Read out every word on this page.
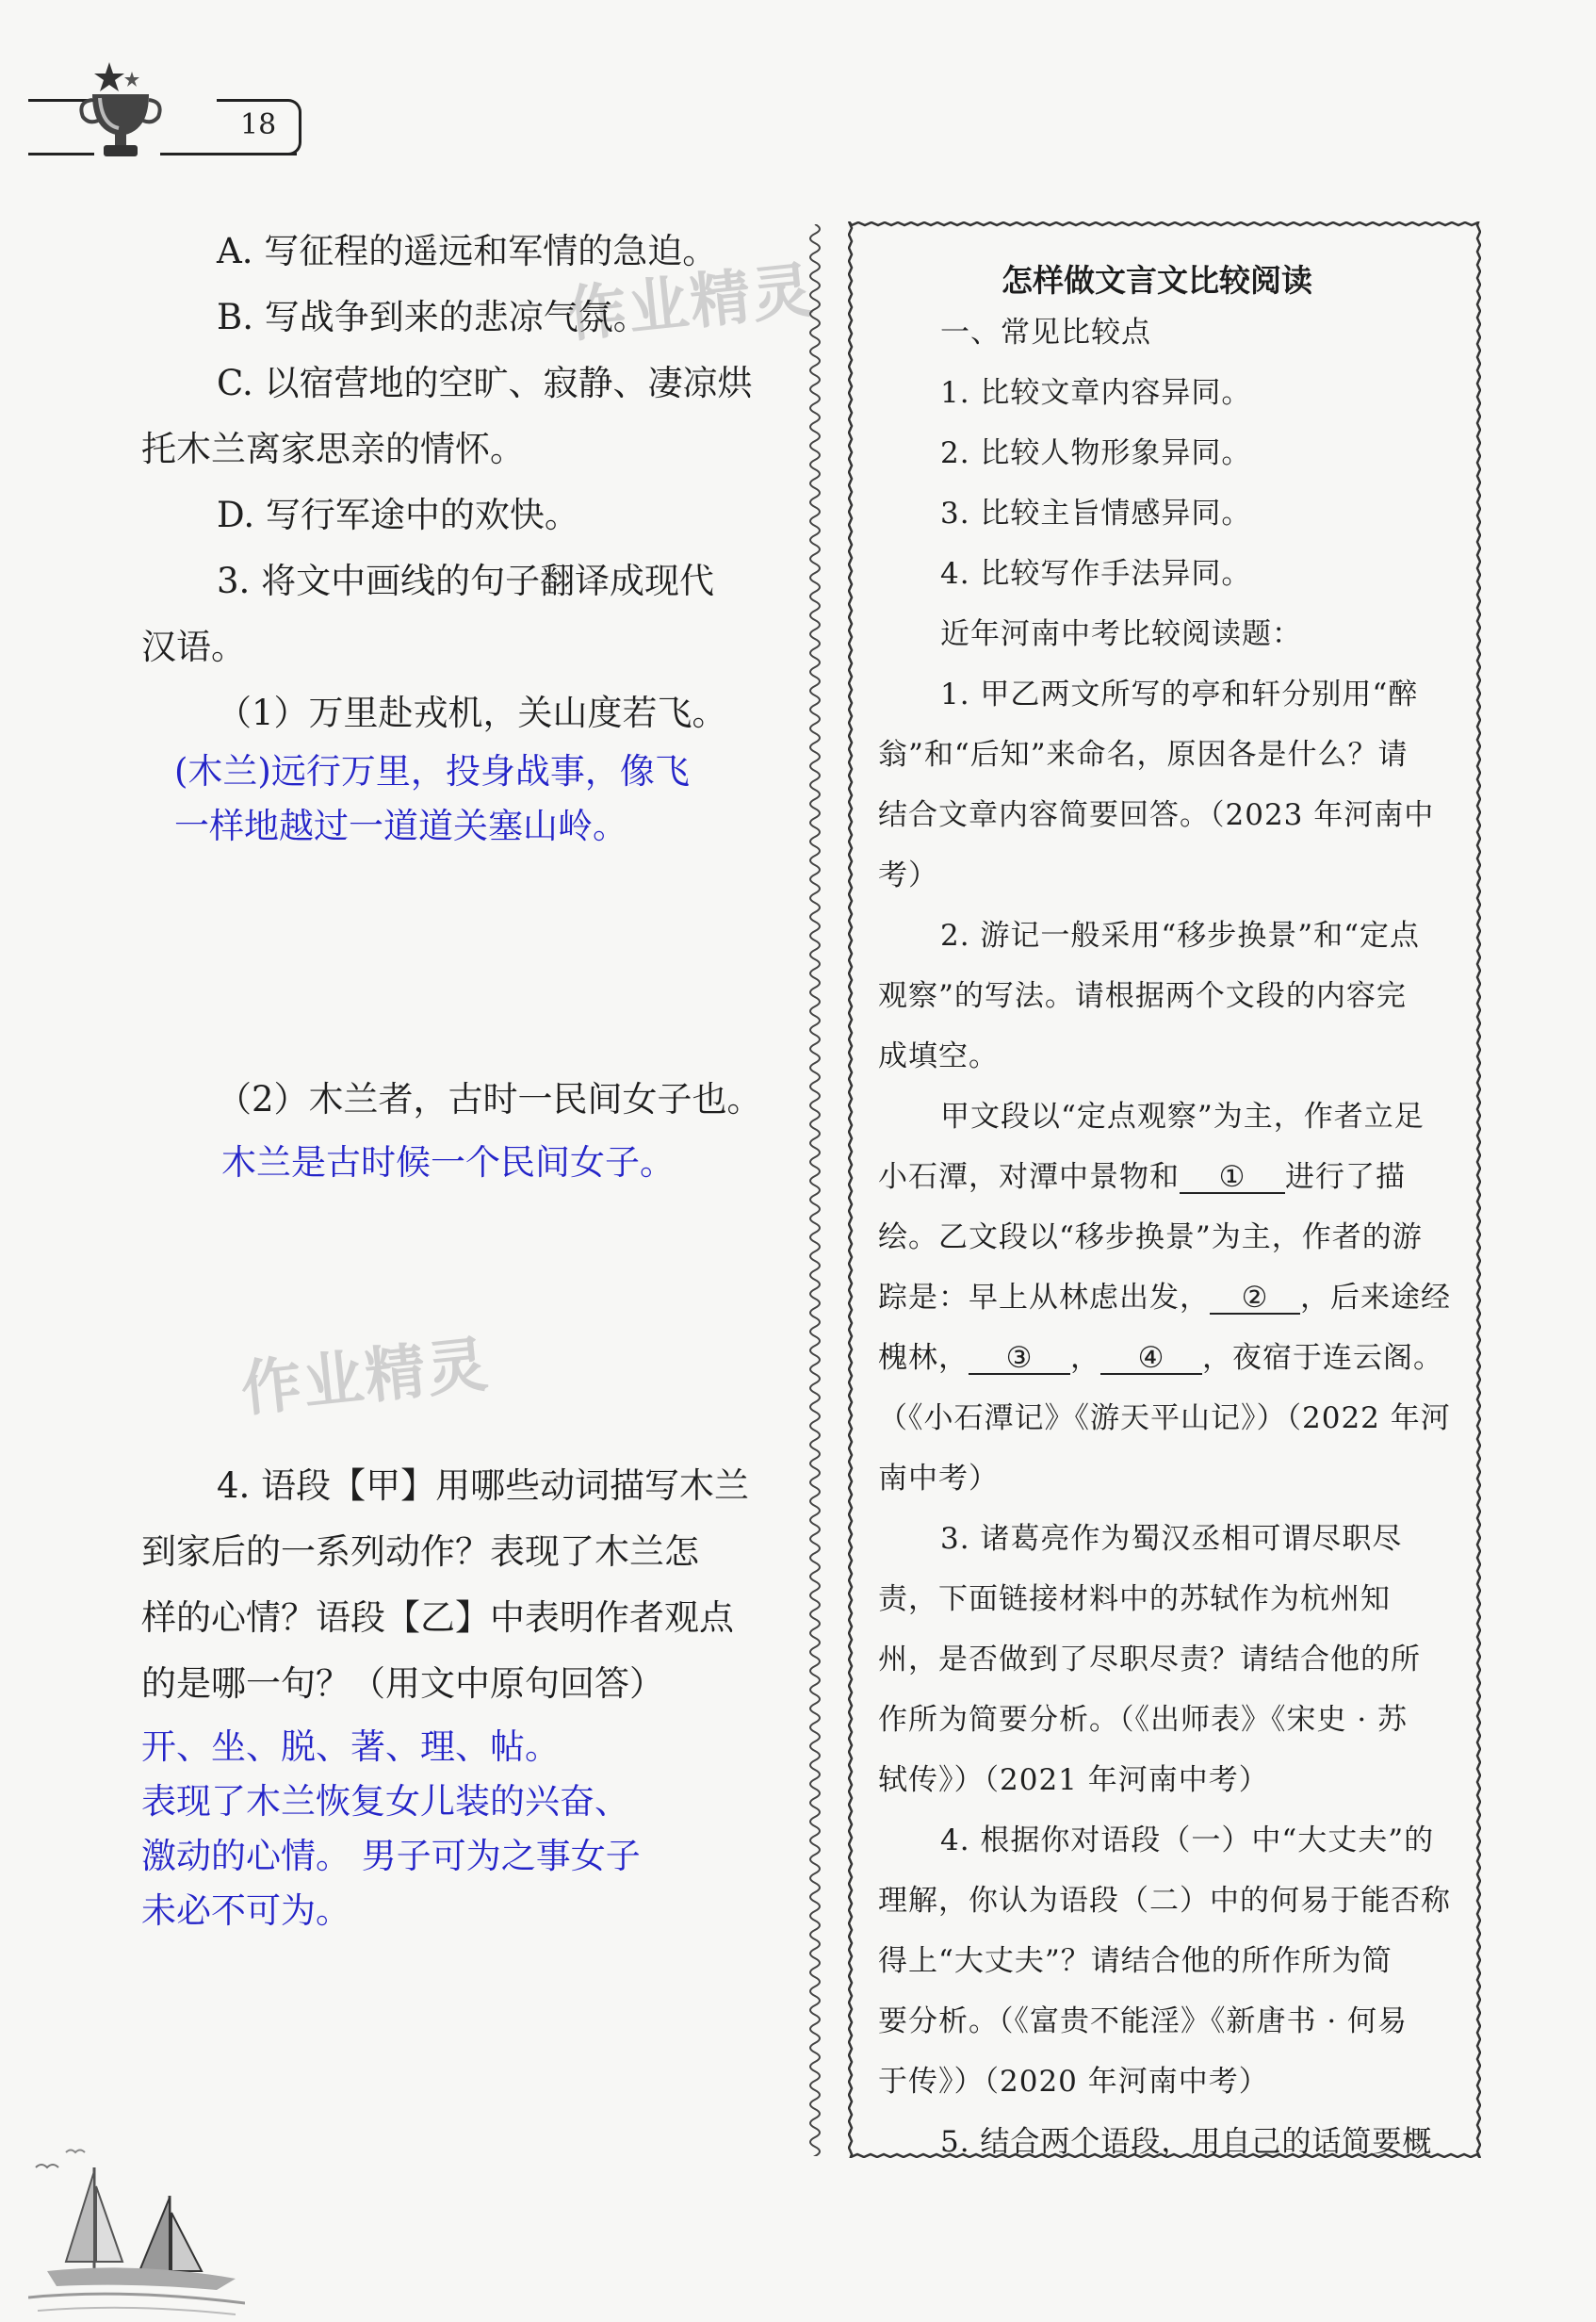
18
作业精灵
作业精灵
A. 写征程的遥远和军情的急迫。
B. 写战争到来的悲凉气氛。
C. 以宿营地的空旷、寂静、凄凉烘
托木兰离家思亲的情怀。
D. 写行军途中的欢快。
3. 将文中画线的句子翻译成现代
汉语。
（1）万里赴戎机，关山度若飞。
(木兰)远行万里，投身战事，像飞
一样地越过一道道关塞山岭。
（2）木兰者，古时一民间女子也。
木兰是古时候一个民间女子。
4. 语段【甲】用哪些动词描写木兰
到家后的一系列动作？表现了木兰怎
样的心情？语段【乙】中表明作者观点
的是哪一句？（用文中原句回答）
开、坐、脱、著、理、帖。
表现了木兰恢复女儿装的兴奋、
激动的心情。 男子可为之事女子
未必不可为。
怎样做文言文比较阅读
一、常见比较点
1. 比较文章内容异同。
2. 比较人物形象异同。
3. 比较主旨情感异同。
4. 比较写作手法异同。
近年河南中考比较阅读题：
1. 甲乙两文所写的亭和轩分别用“醉
翁”和“后知”来命名，原因各是什么？请
结合文章内容简要回答。（2023 年河南中
考）
2. 游记一般采用“移步换景”和“定点
观察”的写法。请根据两个文段的内容完
成填空。
甲文段以“定点观察”为主，作者立足
小石潭，对潭中景物和 ① 进行了描
绘。乙文段以“移步换景”为主，作者的游
踪是：早上从林虑出发， ② ，后来途经
槐林， ③ ， ④ ，夜宿于连云阁。
（《小石潭记》《游天平山记》）（2022 年河
南中考）
3. 诸葛亮作为蜀汉丞相可谓尽职尽
责，下面链接材料中的苏轼作为杭州知
州，是否做到了尽职尽责？请结合他的所
作所为简要分析。（《出师表》《宋史 · 苏
轼传》）（2021 年河南中考）
4. 根据你对语段（一）中“大丈夫”的
理解，你认为语段（二）中的何易于能否称
得上“大丈夫”？请结合他的所作所为简
要分析。（《富贵不能淫》《新唐书 · 何易
于传》）（2020 年河南中考）
5. 结合两个语段，用自己的话简要概
